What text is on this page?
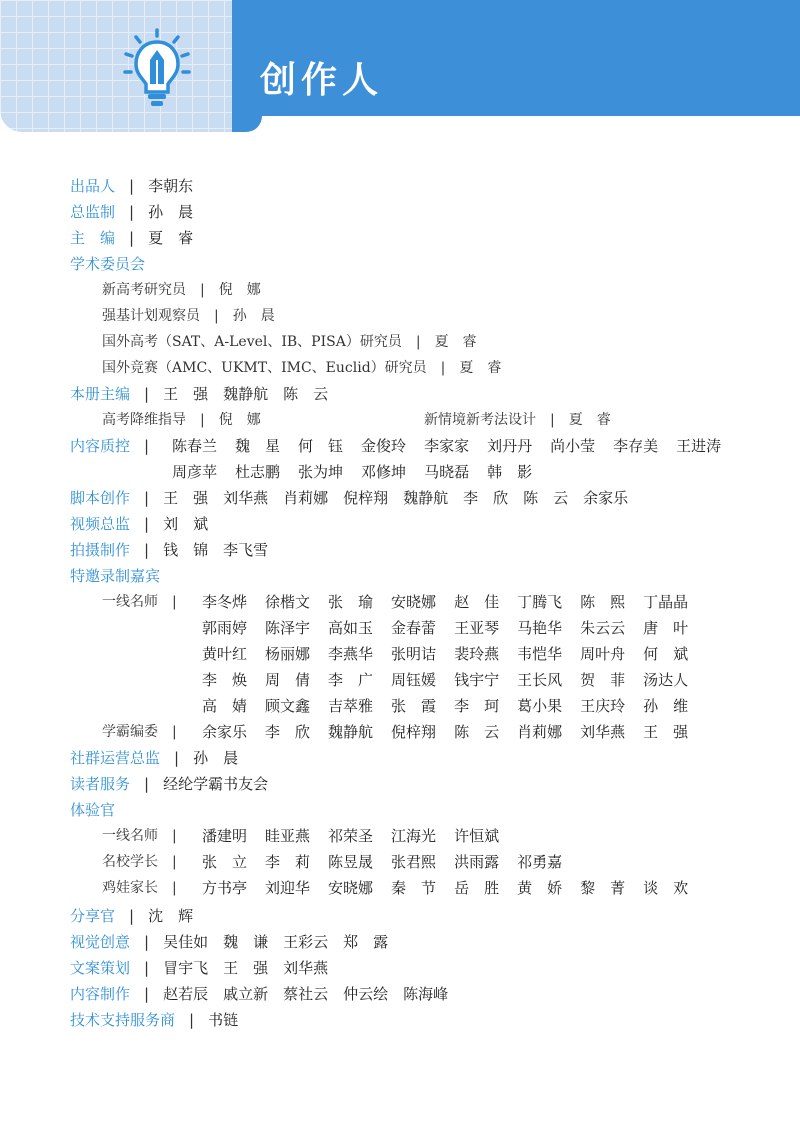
创作人
出品人 | 李朝东
总监制 | 孙　晨
主　编 | 夏　睿
学术委员会
新高考研究员 | 倪　娜
强基计划观察员 | 孙　晨
国外高考（SAT、A-Level、IB、PISA）研究员 | 夏　睿
国外竞赛（AMC、UKMT、IMC、Euclid）研究员 | 夏　睿
本册主编 | 王　强　魏静航　陈　云
高考降维指导 | 倪　娜	新情境新考法设计 | 夏　睿
内容质控 |	陈春兰 魏　星 何　钰 金俊玲 李家家 刘丹丹 尚小莹 李存美 王进涛
周彦苹 杜志鹏 张为坤 邓修坤 马晓磊 韩　影
脚本创作 | 王　强　刘华燕　肖莉娜　倪梓翔　魏静航　李　欣　陈　云　余家乐
视频总监 | 刘　斌
拍摄制作 | 钱　锦　李飞雪
特邀录制嘉宾
一线名师 |	李冬烨 徐楷文 张　瑜 安晓娜 赵　佳 丁腾飞 陈　熙 丁晶晶
郭雨婷 陈泽宇 高如玉 金春蕾 王亚琴 马艳华 朱云云 唐　叶
黄叶红 杨丽娜 李燕华 张明诘 裴玲燕 韦恺华 周叶舟 何　斌
李　焕 周　倩 李　广 周钰媛 钱宇宁 王长风 贺　菲 汤达人
高　婧 顾文鑫 吉萃雅 张　霞 李　珂 葛小果 王庆玲 孙　维
学霸编委 |	余家乐 李　欣 魏静航 倪梓翔 陈　云 肖莉娜 刘华燕 王　强
社群运营总监 | 孙　晨
读者服务 | 经纶学霸书友会
体验官
一线名师 |	潘建明 眭亚燕 祁荣圣 江海光 许恒斌
名校学长 |	张　立 李　莉 陈昱晟 张君熙 洪雨露 祁勇嘉
鸡娃家长 |	方书亭 刘迎华 安晓娜 秦　节 岳　胜 黄　娇 黎　菁 谈　欢
分享官 | 沈　辉
视觉创意 | 吴佳如　魏　谦　王彩云　郑　露
文案策划 | 冒宇飞　王　强　刘华燕
内容制作 | 赵若辰　戚立新　蔡社云　仲云绘　陈海峰
技术支持服务商 | 书链
